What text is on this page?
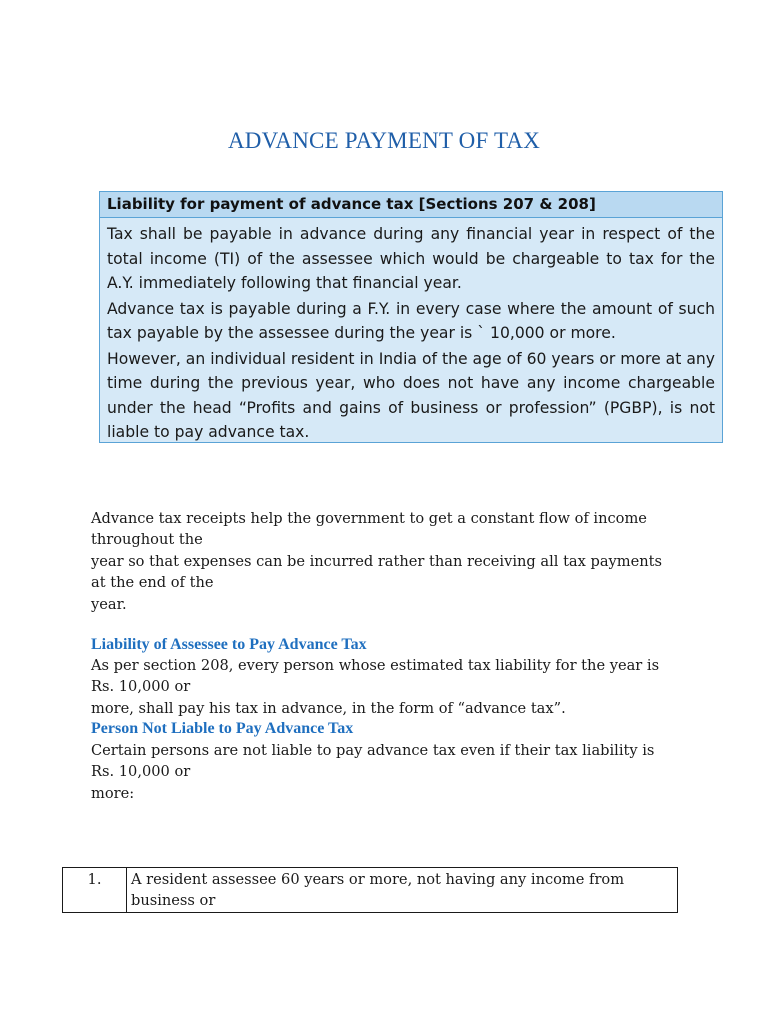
ADVANCE PAYMENT OF TAX
Liability for payment of advance tax [Sections 207 & 208]

Tax shall be payable in advance during any financial year in respect of the total income (TI) of the assessee which would be chargeable to tax for the A.Y. immediately following that financial year.

Advance tax is payable during a F.Y. in every case where the amount of such tax payable by the assessee during the year is ` 10,000 or more.

However, an individual resident in India of the age of 60 years or more at any time during the previous year, who does not have any income chargeable under the head “Profits and gains of business or profession” (PGBP), is not liable to pay advance tax.

Advance tax receipts help the government to get a constant flow of income
throughout the
year so that expenses can be incurred rather than receiving all tax payments
at the end of the
year.
Liability of Assessee to Pay Advance Tax
As per section 208, every person whose estimated tax liability for the year is
Rs. 10,000 or
more, shall pay his tax in advance, in the form of “advance tax”.
Person Not Liable to Pay Advance Tax
Certain persons are not liable to pay advance tax even if their tax liability is
Rs. 10,000 or
more:
1.	A resident assessee 60 years or more, not having any income from
business or
